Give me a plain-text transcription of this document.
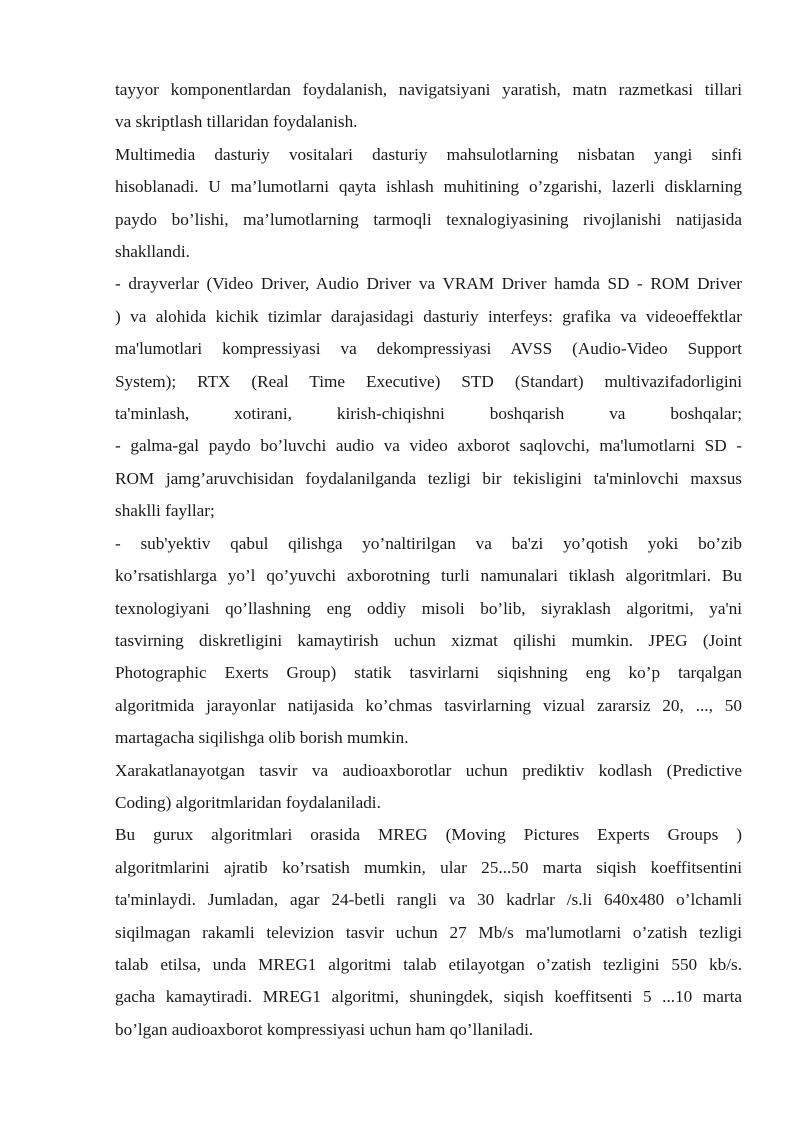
tayyor komponentlardan foydalanish, navigatsiyani yaratish, matn razmetkasi tillari
va skriptlash tillaridan foydalanish.
Multimedia dasturiy vositalari dasturiy mahsulotlarning nisbatan yangi sinfi
hisoblanadi. U ma’lumotlarni qayta ishlash muhitining o’zgarishi, lazerli disklarning
paydo bo’lishi, ma’lumotlarning tarmoqli texnalogiyasining rivojlanishi natijasida
shakllandi.
- drayverlar (Video Driver, Audio Driver va VRAM Driver hamda SD - ROM Driver
) va alohida kichik tizimlar darajasidagi dasturiy interfeys: grafika va videoeffektlar
ma'lumotlari kompressiyasi va dekompressiyasi AVSS (Audio-Video Support
System); RTX (Real Time Executive) STD (Standart) multivazifadorligini
ta'minlash, xotirani, kirish-chiqishni boshqarish va boshqalar;
- galma-gal paydo bo’luvchi audio va video axborot saqlovchi, ma'lumotlarni SD -
ROM jamg’aruvchisidan foydalanilganda tezligi bir tekisligini ta'minlovchi maxsus
shaklli fayllar;
- sub'yektiv qabul qilishga yo’naltirilgan va ba'zi yo’qotish yoki bo’zib
ko’rsatishlarga yo’l qo’yuvchi axborotning turli namunalari tiklash algoritmlari. Bu
texnologiyani qo’llashning eng oddiy misoli bo’lib, siyraklash algoritmi, ya'ni
tasvirning diskretligini kamaytirish uchun xizmat qilishi mumkin. JPEG (Joint
Photographic Exerts Group) statik tasvirlarni siqishning eng ko’p tarqalgan
algoritmida jarayonlar natijasida ko’chmas tasvirlarning vizual zararsiz 20, ..., 50
martagacha siqilishga olib borish mumkin.
Xarakatlanayotgan tasvir va audioaxborotlar uchun prediktiv kodlash (Predictive
Coding) algoritmlaridan foydalaniladi.
Bu gurux algoritmlari orasida MREG (Moving Pictures Experts Groups )
algoritmlarini ajratib ko’rsatish mumkin, ular 25...50 marta siqish koeffitsentini
ta'minlaydi. Jumladan, agar 24-betli rangli va 30 kadrlar /s.li 640x480 o’lchamli
siqilmagan rakamli televizion tasvir uchun 27 Mb/s ma'lumotlarni o’zatish tezligi
talab etilsa, unda MREG1 algoritmi talab etilayotgan o’zatish tezligini 550 kb/s.
gacha kamaytiradi. MREG1 algoritmi, shuningdek, siqish koeffitsenti 5 ...10 marta
bo’lgan audioaxborot kompressiyasi uchun ham qo’llaniladi.
